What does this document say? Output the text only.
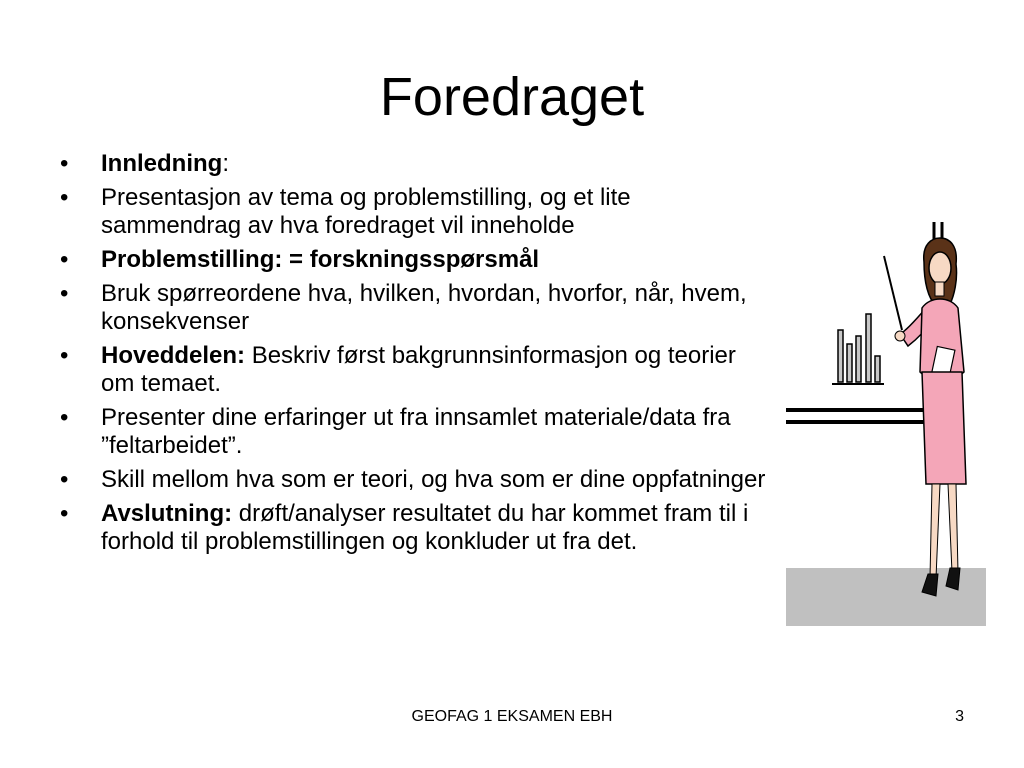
Foredraget
• Innledning:
• Presentasjon av tema og problemstilling, og et lite sammendrag av hva foredraget vil inneholde
• Problemstilling: = forskningsspørsmål
• Bruk spørreordene hva, hvilken, hvordan, hvorfor, når, hvem, konsekvenser
• Hoveddelen: Beskriv først bakgrunnsinformasjon og teorier om temaet.
• Presenter dine erfaringer ut fra innsamlet materiale/data fra ”feltarbeidet”.
• Skill mellom hva som er teori, og hva som er dine oppfatninger
• Avslutning: drøft/analyser resultatet du har kommet fram til i forhold til problemstillingen og konkluder ut fra det.
GEOFAG 1 EKSAMEN EBH	3
